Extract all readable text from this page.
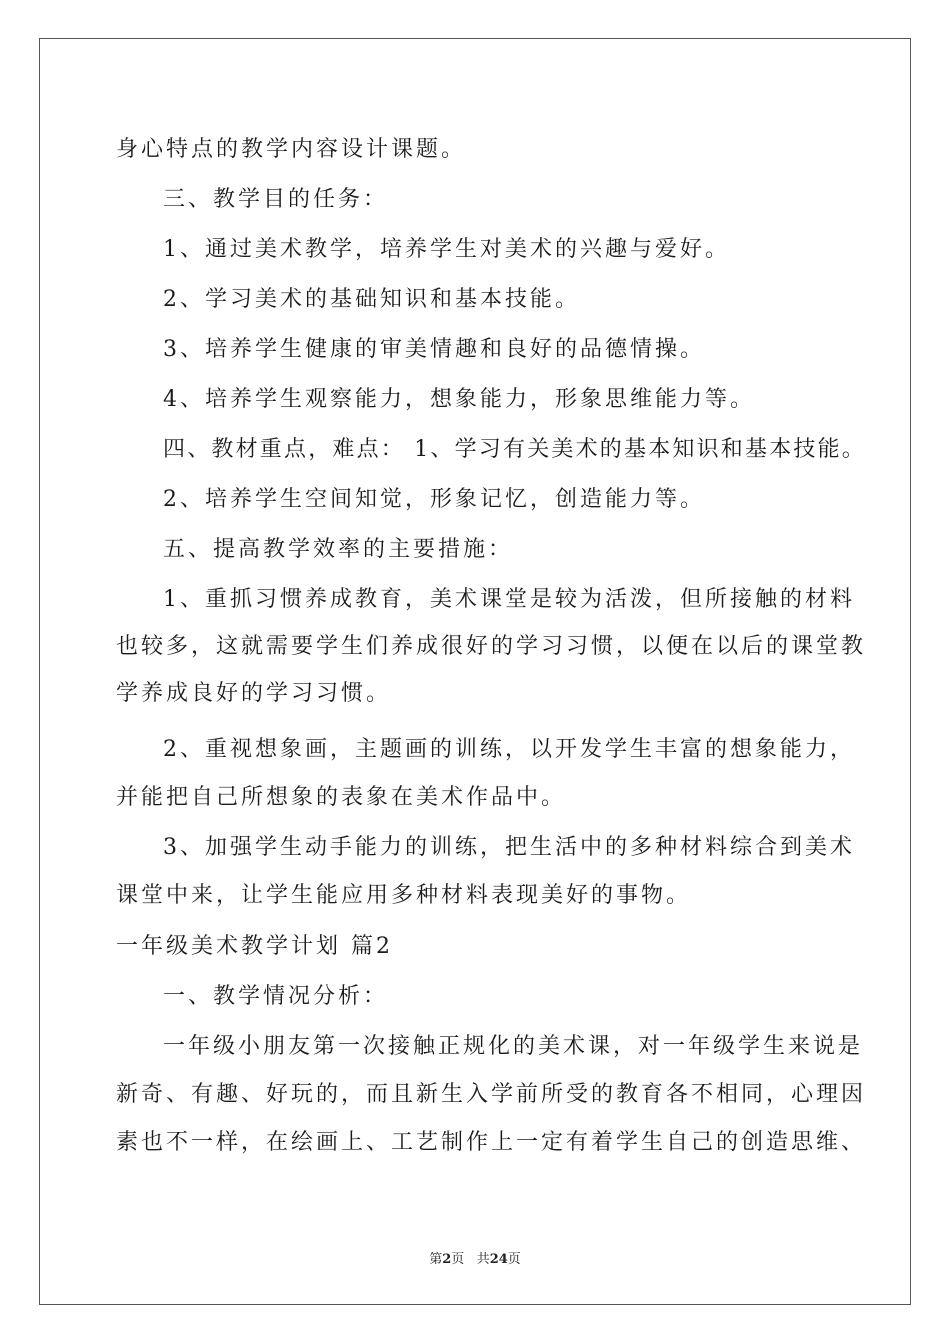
身心特点的教学内容设计课题。
三、教学目的任务：
1、通过美术教学，培养学生对美术的兴趣与爱好。
2、学习美术的基础知识和基本技能。
3、培养学生健康的审美情趣和良好的品德情操。
4、培养学生观察能力，想象能力，形象思维能力等。
四、教材重点，难点： 1、学习有关美术的基本知识和基本技能。
2、培养学生空间知觉，形象记忆，创造能力等。
五、提高教学效率的主要措施：
1、重抓习惯养成教育，美术课堂是较为活泼，但所接触的材料
也较多，这就需要学生们养成很好的学习习惯，以便在以后的课堂教
学养成良好的学习习惯。
2、重视想象画，主题画的训练，以开发学生丰富的想象能力，
并能把自己所想象的表象在美术作品中。
3、加强学生动手能力的训练，把生活中的多种材料综合到美术
课堂中来，让学生能应用多种材料表现美好的事物。
一年级美术教学计划 篇2
一、教学情况分析：
一年级小朋友第一次接触正规化的美术课，对一年级学生来说是
新奇、有趣、好玩的，而且新生入学前所受的教育各不相同，心理因
素也不一样，在绘画上、工艺制作上一定有着学生自己的创造思维、
第2页 共24页
